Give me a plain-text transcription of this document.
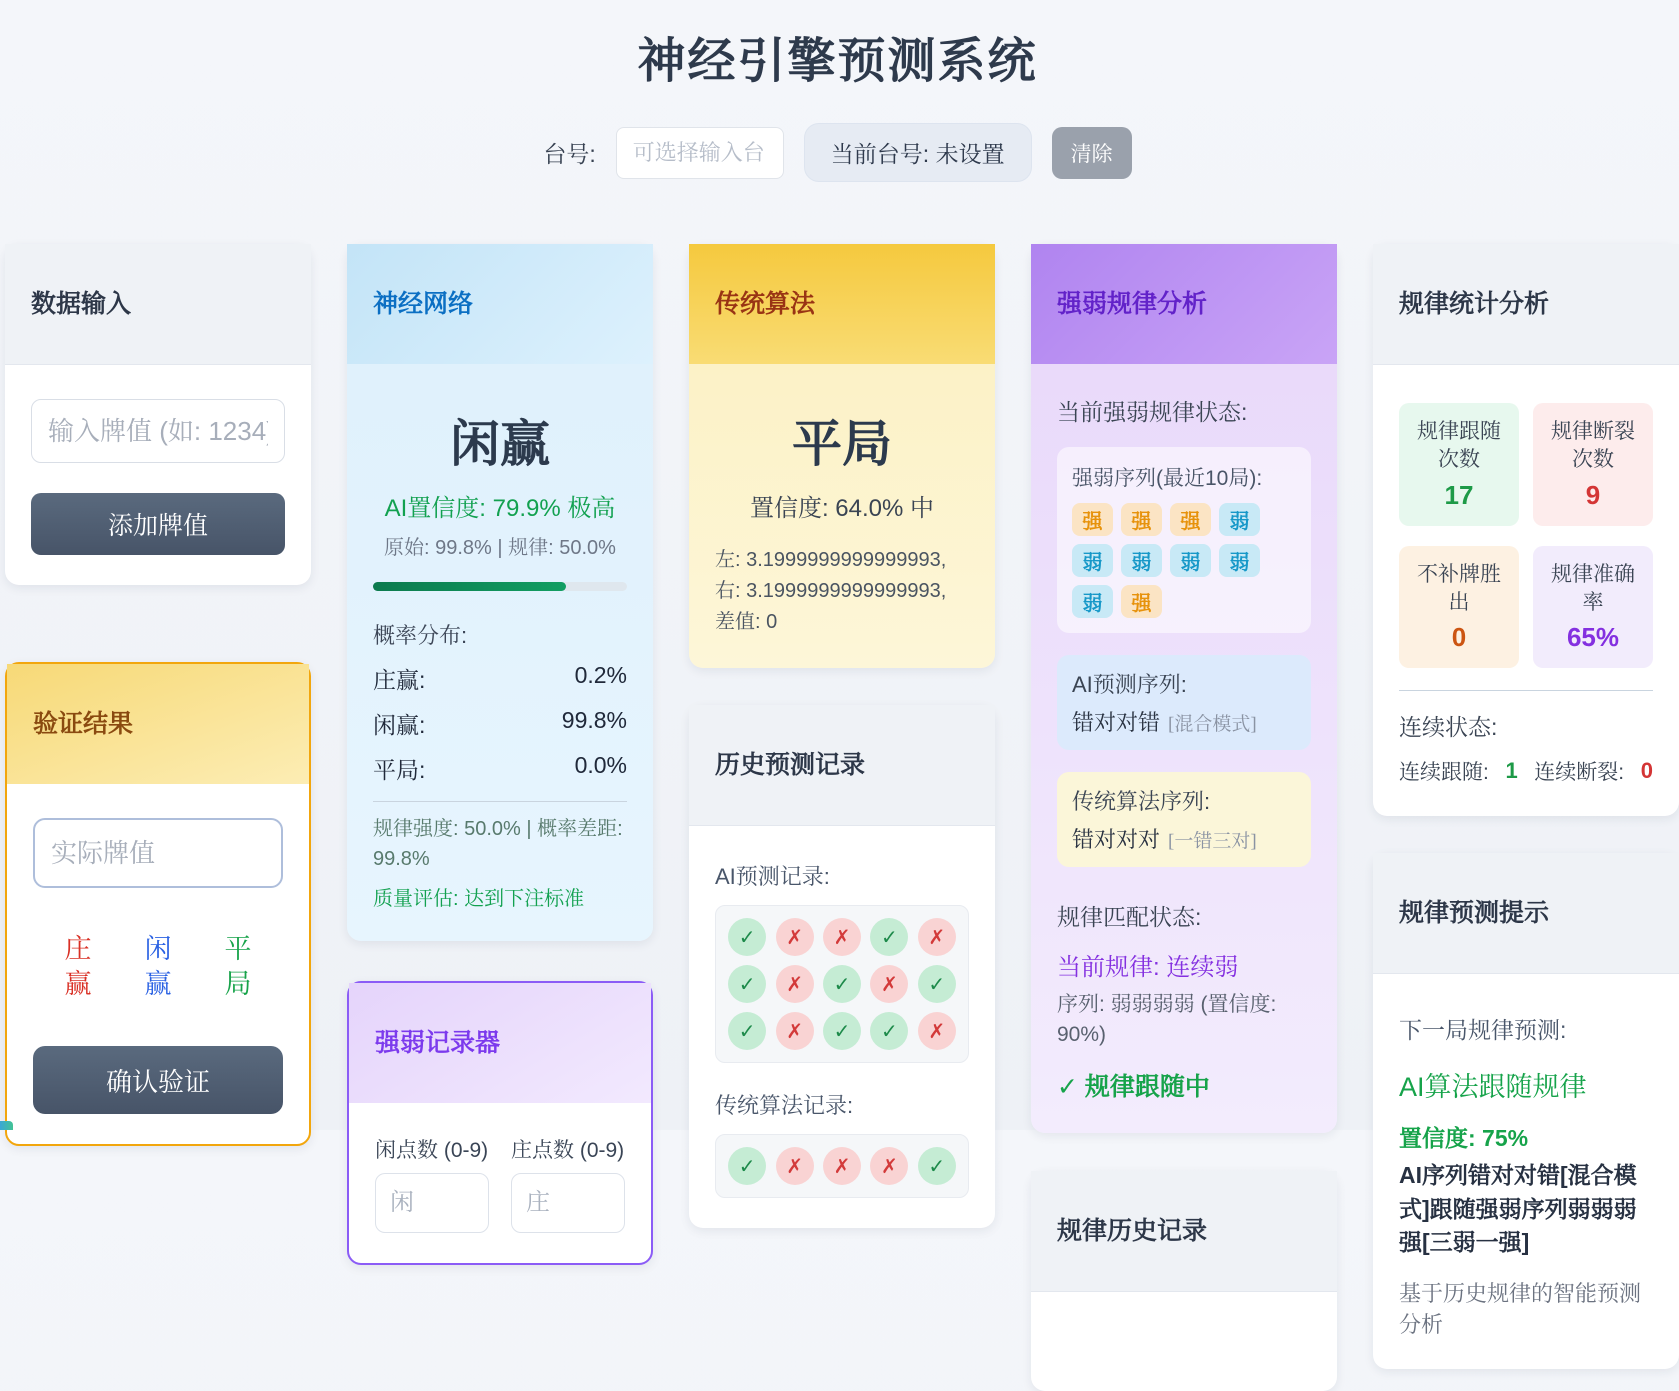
神经引擎预测系统
台号:
可选择输入台	当前台号: 未设置	清除
数据输入
输入牌值 (如: 1234)
添加牌值
验证结果
实际牌值
庄赢
闲赢
平局
确认验证
神经网络
闲赢
AI置信度: 79.9% 极高
原始: 99.8% | 规律: 50.0%
概率分布:
庄赢:	0.2%
闲赢:	99.8%
平局:	0.0%
规律强度: 50.0% | 概率差距: 99.8%
质量评估: 达到下注标准
强弱记录器
闲点数 (0-9)
闲 庄点数 (0-9)
庄
传统算法
平局
置信度: 64.0% 中
左: 3.1999999999999993, 右: 3.1999999999999993, 差值: 0
历史预测记录
AI预测记录:
✓	✗	✗	✓	✗
✓	✗	✓	✗	✓
✓	✗	✓	✓	✗
传统算法记录:
✓	✗	✗	✗	✓
强弱规律分析
当前强弱规律状态:
强弱序列(最近10局):
强	强	强	弱
弱	弱	弱	弱
弱	强
AI预测序列:
错对对错 [混合模式]
传统算法序列:
错对对对 [一错三对]
规律匹配状态:
当前规律: 连续弱
序列: 弱弱弱弱 (置信度: 90%)
✓ 规律跟随中
规律历史记录
规律统计分析
规律跟随次数
17
规律断裂次数
9
不补牌胜出
0
规律准确率
65%
连续状态:
连续跟随: 1 连续断裂: 0
规律预测提示
下一局规律预测:
AI算法跟随规律
置信度: 75%
AI序列错对对错[混合模式]跟随强弱序列弱弱弱强[三弱一强]
基于历史规律的智能预测分析
